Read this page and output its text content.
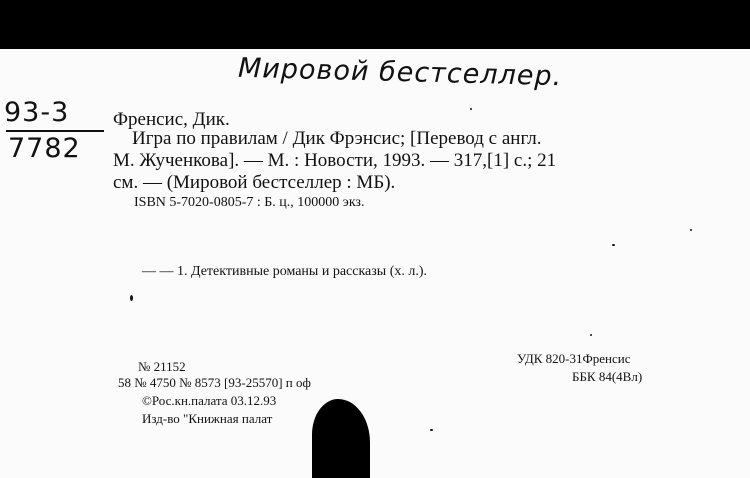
Мировой бестселлер.
93-3
7782
Френсис, Дик.
Игра по правилам / Дик Фрэнсис; [Перевод с англ.
М. Жученкова]. — М. : Новости, 1993. — 317,[1] с.; 21
см. — (Мировой бестселлер : МБ).
ISBN 5-7020-0805-7 : Б. ц., 100000 экз.
— — 1. Детективные романы и рассказы (х. л.).
№ 21152
58 № 4750 № 8573 [93-25570] п оф
©Рос.кн.палата 03.12.93
Изд-во "Книжная палат
УДК 820-31Френсис
ББК 84(4Вл)
